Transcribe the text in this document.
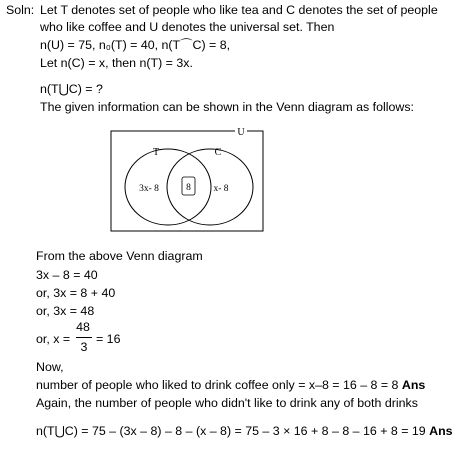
Soln: Let T denotes set of people who like tea and C denotes the set of people
who like coffee and U denotes the universal set. Then
n(U) = 75, n₀(T) = 40, n(T⌒C) = 8,
Let n(C) = x, then n(T) = 3x.
n(T⋃C) = ?
The given information can be shown in the Venn diagram as follows:
U
T	C
3x- 8	8 x- 8
From the above Venn diagram
3x – 8 = 40
or, 3x = 8 + 40
or, 3x = 48
or, x =
48
3
= 16
Now,
number of people who liked to drink coffee only = x–8 = 16 – 8 = 8 Ans
Again, the number of people who didn't like to drink any of both drinks
n(T⋃C) = 75 – (3x – 8) – 8 – (x – 8) = 75 – 3 × 16 + 8 – 8 – 16 + 8 = 19 Ans
